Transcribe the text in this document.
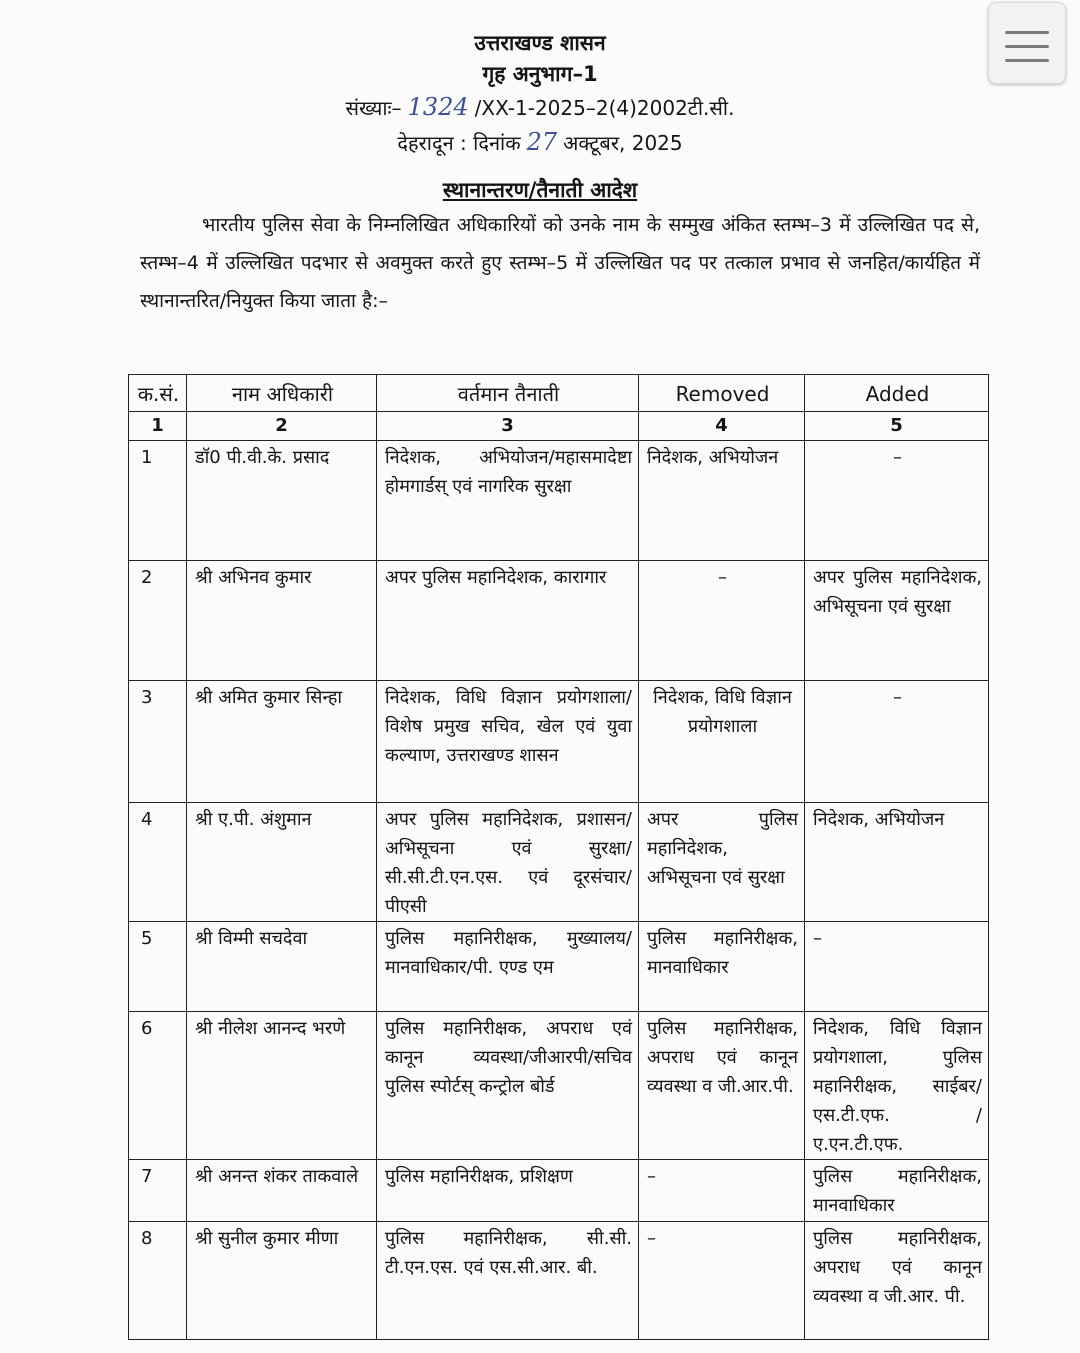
उत्तराखण्ड शासन
गृह अनुभाग–1
संख्याः– 1324 /XX-1-2025–2(4)2002टी.सी.
देहरादून : दिनांक 27 अक्टूबर, 2025
स्थानान्तरण/तैनाती आदेश
भारतीय पुलिस सेवा के निम्नलिखित अधिकारियों को उनके नाम के सम्मुख अंकित स्तम्भ–3 में उल्लिखित पद से, स्तम्भ–4 में उल्लिखित पदभार से अवमुक्त करते हुए स्तम्भ–5 में उल्लिखित पद पर तत्काल प्रभाव से जनहित/कार्यहित में स्थानान्तरित/नियुक्त किया जाता है:–
क.सं.	नाम अधिकारी	वर्तमान तैनाती	Removed	Added
1	2	3	4	5
1	डॉ0 पी.वी.के. प्रसाद	निदेशक, अभियोजन/महासमादेष्टा होमगार्डस् एवं नागरिक सुरक्षा	निदेशक, अभियोजन	–
2	श्री अभिनव कुमार	अपर पुलिस महानिदेशक, कारागार	–	अपर पुलिस महानिदेशक, अभिसूचना एवं सुरक्षा
3	श्री अमित कुमार सिन्हा	निदेशक, विधि विज्ञान प्रयोगशाला/विशेष प्रमुख सचिव, खेल एवं युवा कल्याण, उत्तराखण्ड शासन	निदेशक, विधि विज्ञान प्रयोगशाला	–
4	श्री ए.पी. अंशुमान	अपर पुलिस महानिदेशक, प्रशासन/अभिसूचना एवं सुरक्षा/सी.सी.टी.एन.एस. एवं दूरसंचार/पीएसी	अपर पुलिस महानिदेशक, अभिसूचना एवं सुरक्षा	निदेशक, अभियोजन
5	श्री विम्मी सचदेवा	पुलिस महानिरीक्षक, मुख्यालय/मानवाधिकार/पी. एण्ड एम	पुलिस महानिरीक्षक, मानवाधिकार	–
6	श्री नीलेश आनन्द भरणे	पुलिस महानिरीक्षक, अपराध एवं कानून व्यवस्था/जीआरपी/सचिव पुलिस स्पोर्टस् कन्ट्रोल बोर्ड	पुलिस महानिरीक्षक, अपराध एवं कानून व्यवस्था व जी.आर.पी.	निदेशक, विधि विज्ञान प्रयोगशाला, पुलिस महानिरीक्षक, साईबर/एस.टी.एफ. /ए.एन.टी.एफ.
7	श्री अनन्त शंकर ताकवाले	पुलिस महानिरीक्षक, प्रशिक्षण	–	पुलिस महानिरीक्षक, मानवाधिकार
8	श्री सुनील कुमार मीणा	पुलिस महानिरीक्षक, सी.सी. टी.एन.एस. एवं एस.सी.आर. बी.	–	पुलिस महानिरीक्षक, अपराध एवं कानून व्यवस्था व जी.आर. पी.
